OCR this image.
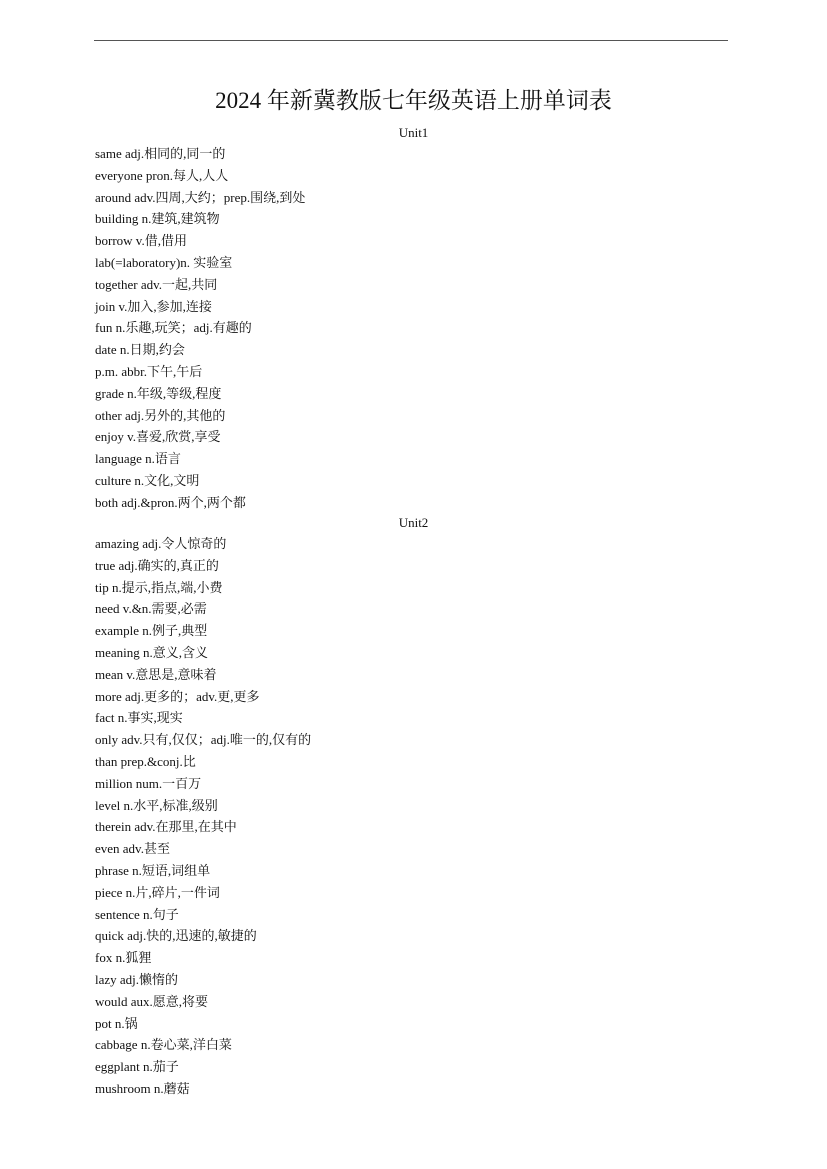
2024 年新冀教版七年级英语上册单词表
Unit1
same adj.相同的,同一的
everyone pron.每人,人人
around adv.四周,大约；prep.围绕,到处
building n.建筑,建筑物
borrow v.借,借用
lab(=laboratory)n. 实验室
together adv.一起,共同
join v.加入,参加,连接
fun n.乐趣,玩笑；adj.有趣的
date n.日期,约会
p.m. abbr.下午,午后
grade n.年级,等级,程度
other adj.另外的,其他的
enjoy v.喜爱,欣赏,享受
language n.语言
culture n.文化,文明
both adj.&pron.两个,两个都
Unit2
amazing adj.令人惊奇的
true adj.确实的,真正的
tip n.提示,指点,端,小费
need v.&n.需要,必需
example n.例子,典型
meaning n.意义,含义
mean v.意思是,意味着
more adj.更多的；adv.更,更多
fact n.事实,现实
only adv.只有,仅仅；adj.唯一的,仅有的
than prep.&conj.比
million num.一百万
level n.水平,标准,级别
therein adv.在那里,在其中
even adv.甚至
phrase n.短语,词组单
piece n.片,碎片,一件词
sentence n.句子
quick adj.快的,迅速的,敏捷的
fox n.狐狸
lazy adj.懒惰的
would aux.愿意,将要
pot n.锅
cabbage n.卷心菜,洋白菜
eggplant n.茄子
mushroom n.蘑菇
